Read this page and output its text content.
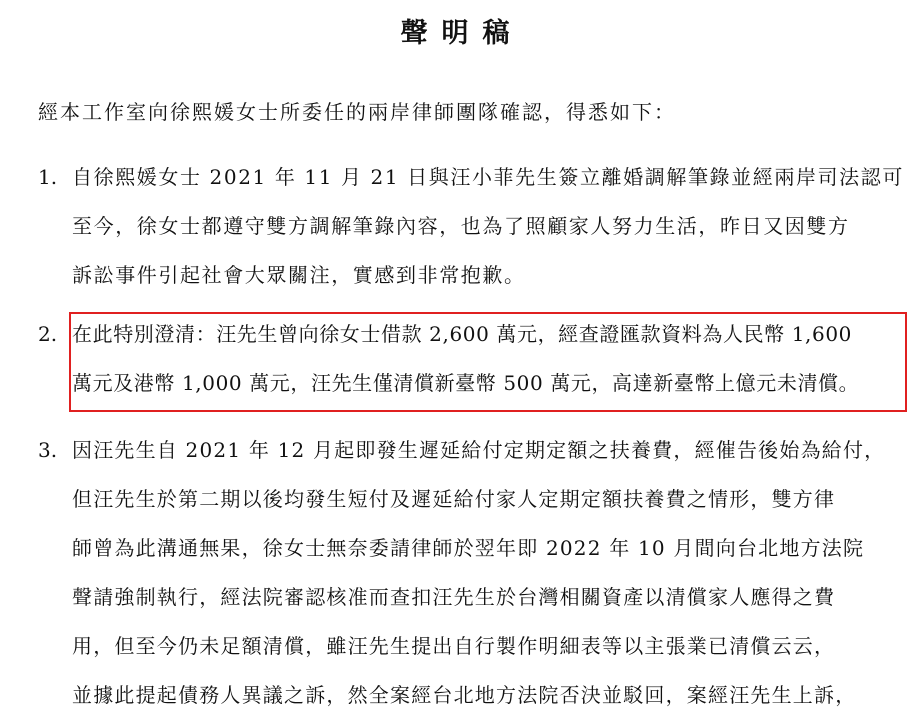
聲明稿
經本工作室向徐熙媛女士所委任的兩岸律師團隊確認，得悉如下：
1. 自徐熙媛女士 2021 年 11 月 21 日與汪小菲先生簽立離婚調解筆錄並經兩岸司法認可
至今，徐女士都遵守雙方調解筆錄內容，也為了照顧家人努力生活，昨日又因雙方
訴訟事件引起社會大眾關注，實感到非常抱歉。
2. 在此特別澄清：汪先生曾向徐女士借款 2,600 萬元，經查證匯款資料為人民幣 1,600
萬元及港幣 1,000 萬元，汪先生僅清償新臺幣 500 萬元，高達新臺幣上億元未清償。
3. 因汪先生自 2021 年 12 月起即發生遲延給付定期定額之扶養費，經催告後始為給付，
但汪先生於第二期以後均發生短付及遲延給付家人定期定額扶養費之情形，雙方律
師曾為此溝通無果，徐女士無奈委請律師於翌年即 2022 年 10 月間向台北地方法院
聲請強制執行，經法院審認核准而查扣汪先生於台灣相關資產以清償家人應得之費
用，但至今仍未足額清償，雖汪先生提出自行製作明細表等以主張業已清償云云，
並據此提起債務人異議之訴，然全案經台北地方法院否決並駁回，案經汪先生上訴，
